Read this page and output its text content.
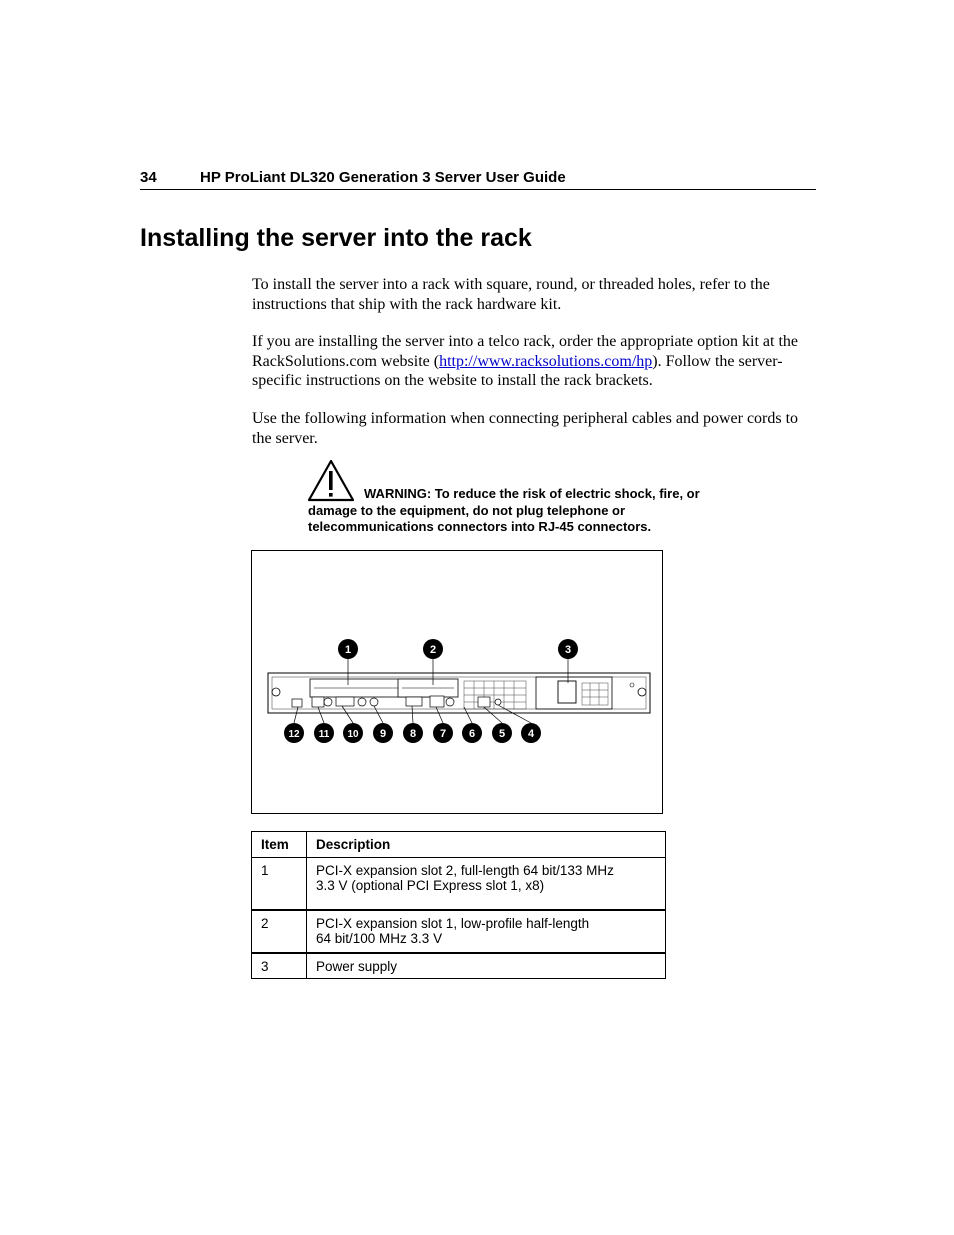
34	HP ProLiant DL320 Generation 3 Server User Guide
Installing the server into the rack

To install the server into a rack with square, round, or threaded holes, refer to the instructions that ship with the rack hardware kit.

If you are installing the server into a telco rack, order the appropriate option kit at the RackSolutions.com website (http://www.racksolutions.com/hp). Follow the server-specific instructions on the website to install the rack brackets.

Use the following information when connecting peripheral cables and power cords to the server.

WARNING: To reduce the risk of electric shock, fire, or damage to the equipment, do not plug telephone or telecommunications connectors into RJ-45 connectors.

1	2	3
12 11 10 9 8 7 6 5 4
Item	Description
1	PCI-X expansion slot 2, full-length 64 bit/133 MHz
3.3 V (optional PCI Express slot 1, x8)
2	PCI-X expansion slot 1, low-profile half-length
64 bit/100 MHz 3.3 V
3	Power supply
